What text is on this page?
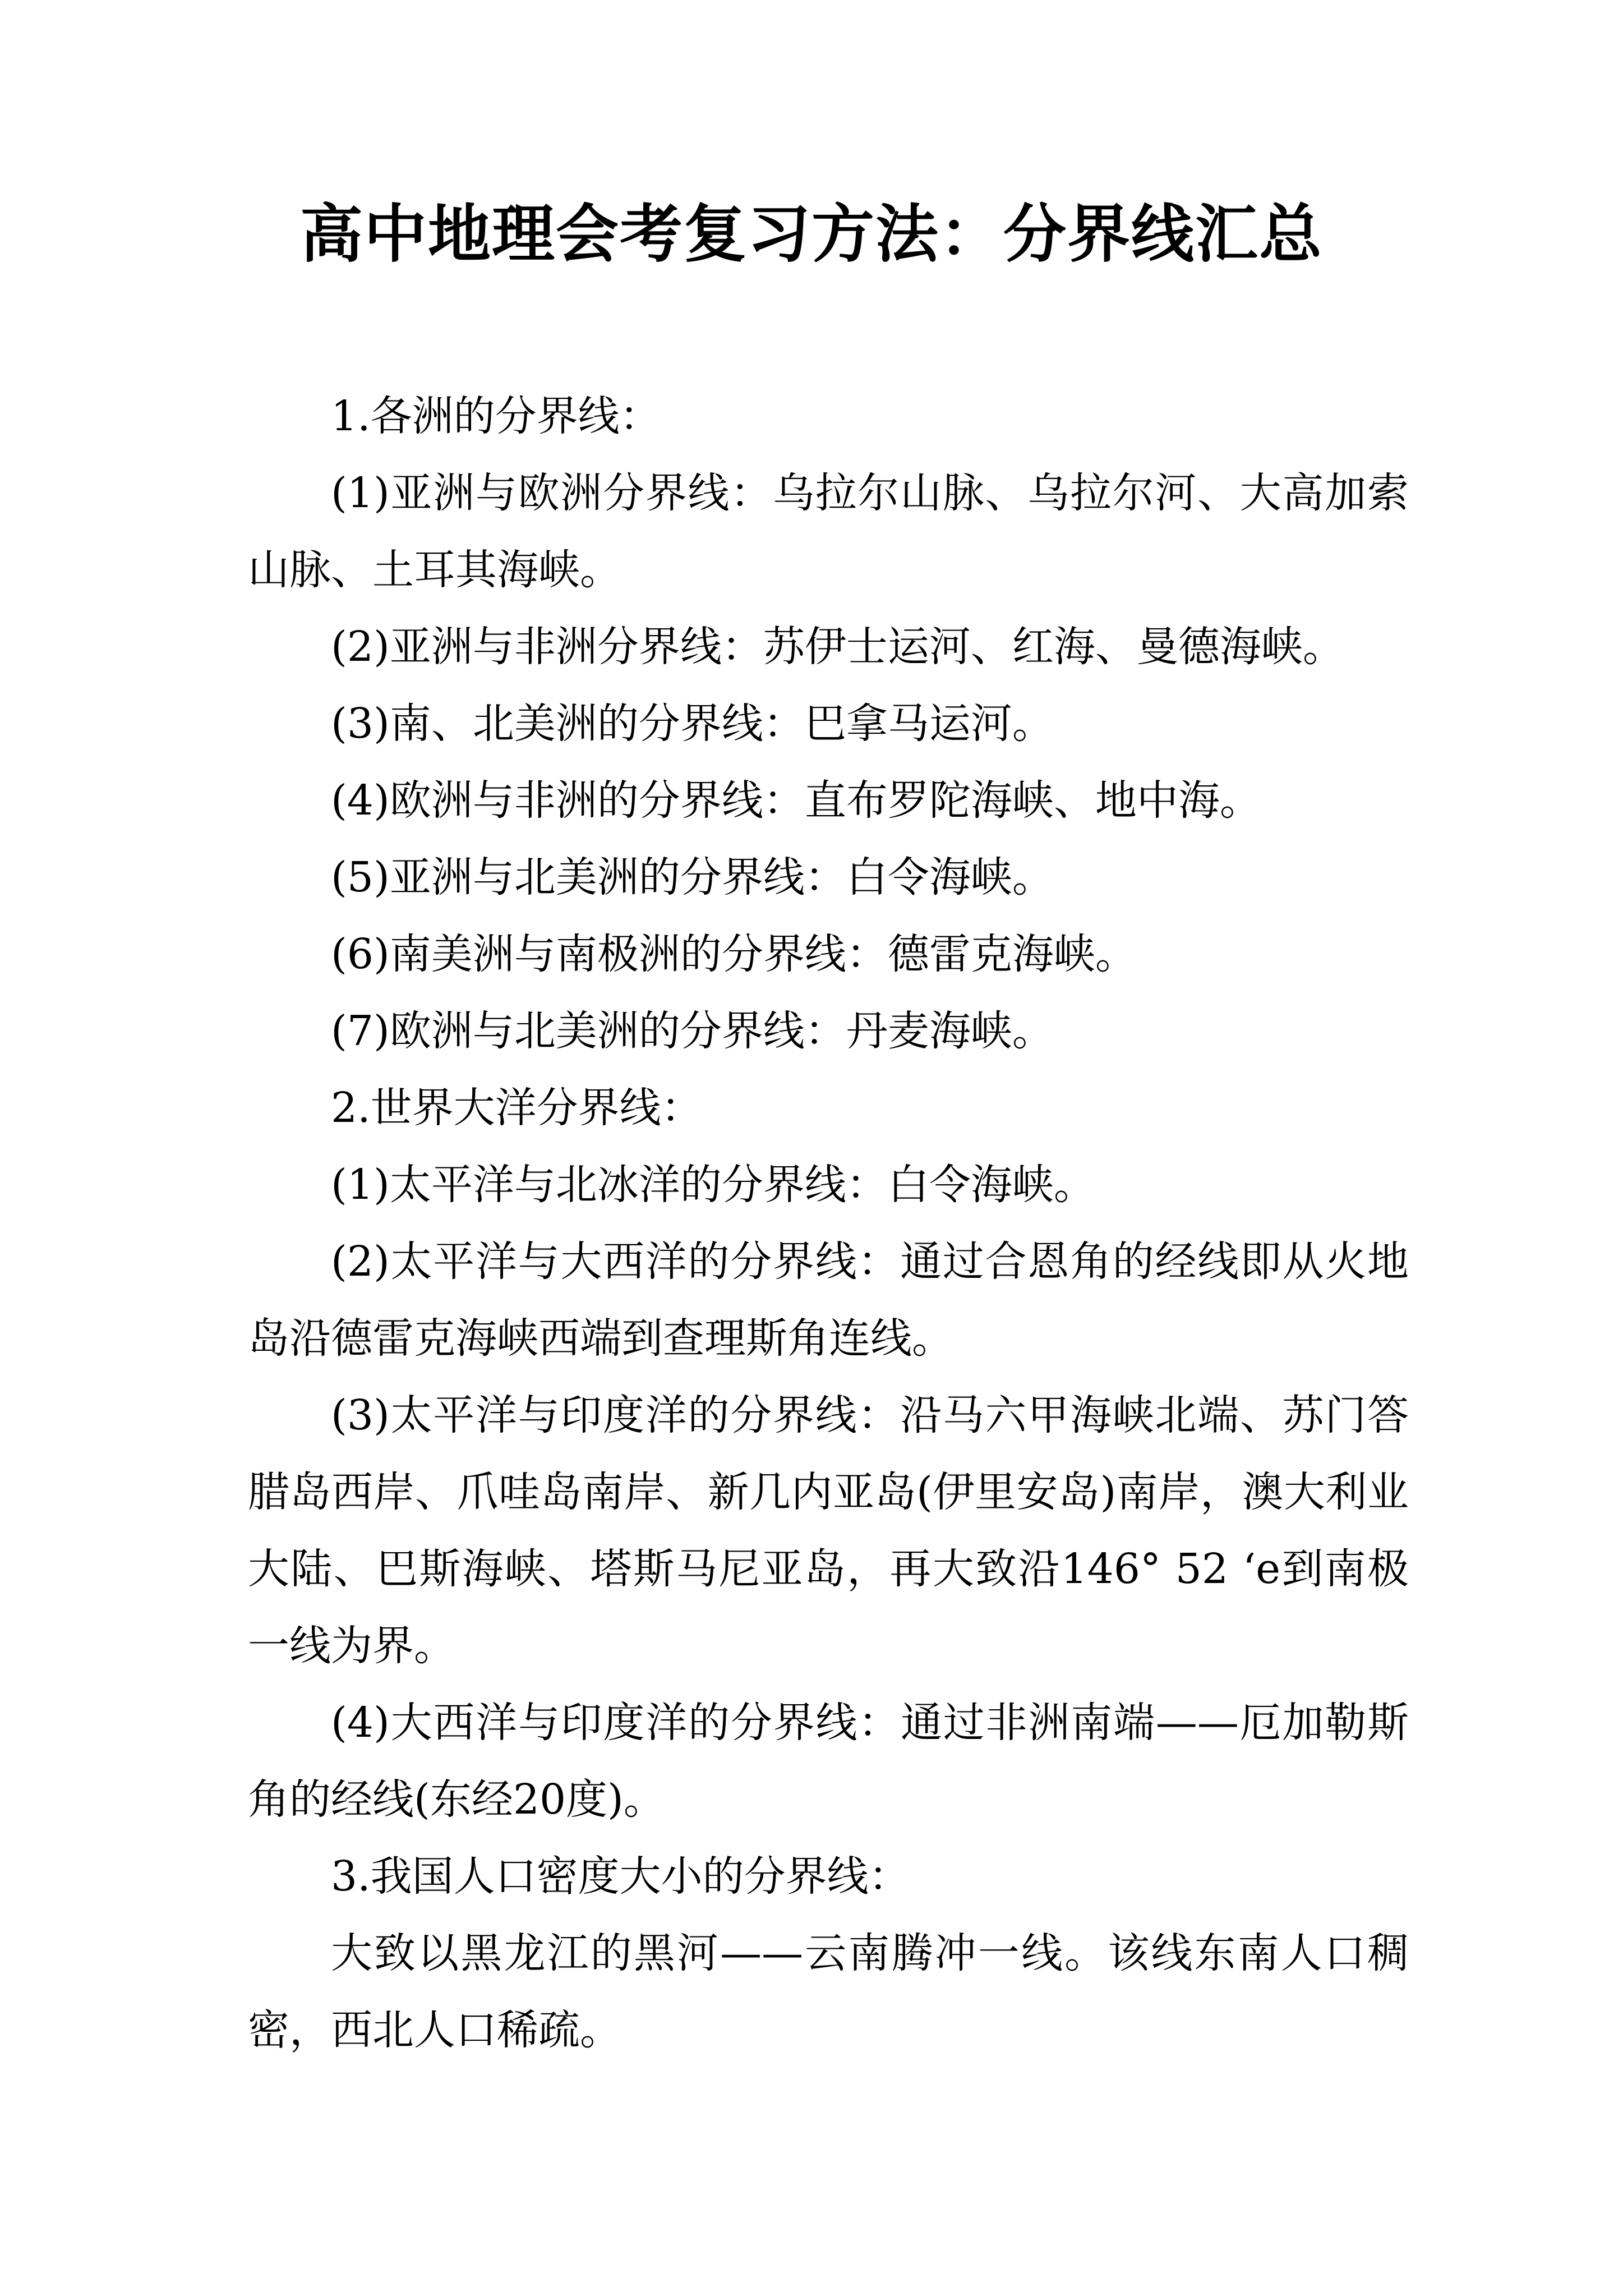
高中地理会考复习方法：分界线汇总

1.各洲的分界线：

(1)亚洲与欧洲分界线：乌拉尔山脉、乌拉尔河、大高加索山脉、土耳其海峡。

(2)亚洲与非洲分界线：苏伊士运河、红海、曼德海峡。

(3)南、北美洲的分界线：巴拿马运河。

(4)欧洲与非洲的分界线：直布罗陀海峡、地中海。

(5)亚洲与北美洲的分界线：白令海峡。

(6)南美洲与南极洲的分界线：德雷克海峡。

(7)欧洲与北美洲的分界线：丹麦海峡。

2.世界大洋分界线：

(1)太平洋与北冰洋的分界线：白令海峡。

(2)太平洋与大西洋的分界线：通过合恩角的经线即从火地岛沿德雷克海峡西端到查理斯角连线。

(3)太平洋与印度洋的分界线：沿马六甲海峡北端、苏门答腊岛西岸、爪哇岛南岸、新几内亚岛(伊里安岛)南岸，澳大利业大陆、巴斯海峡、塔斯马尼亚岛，再大致沿146° 52 ‘e到南极一线为界。

(4)大西洋与印度洋的分界线：通过非洲南端——厄加勒斯角的经线(东经20度)。

3.我国人口密度大小的分界线：

大致以黑龙江的黑河——云南腾冲一线。该线东南人口稠密，西北人口稀疏。
